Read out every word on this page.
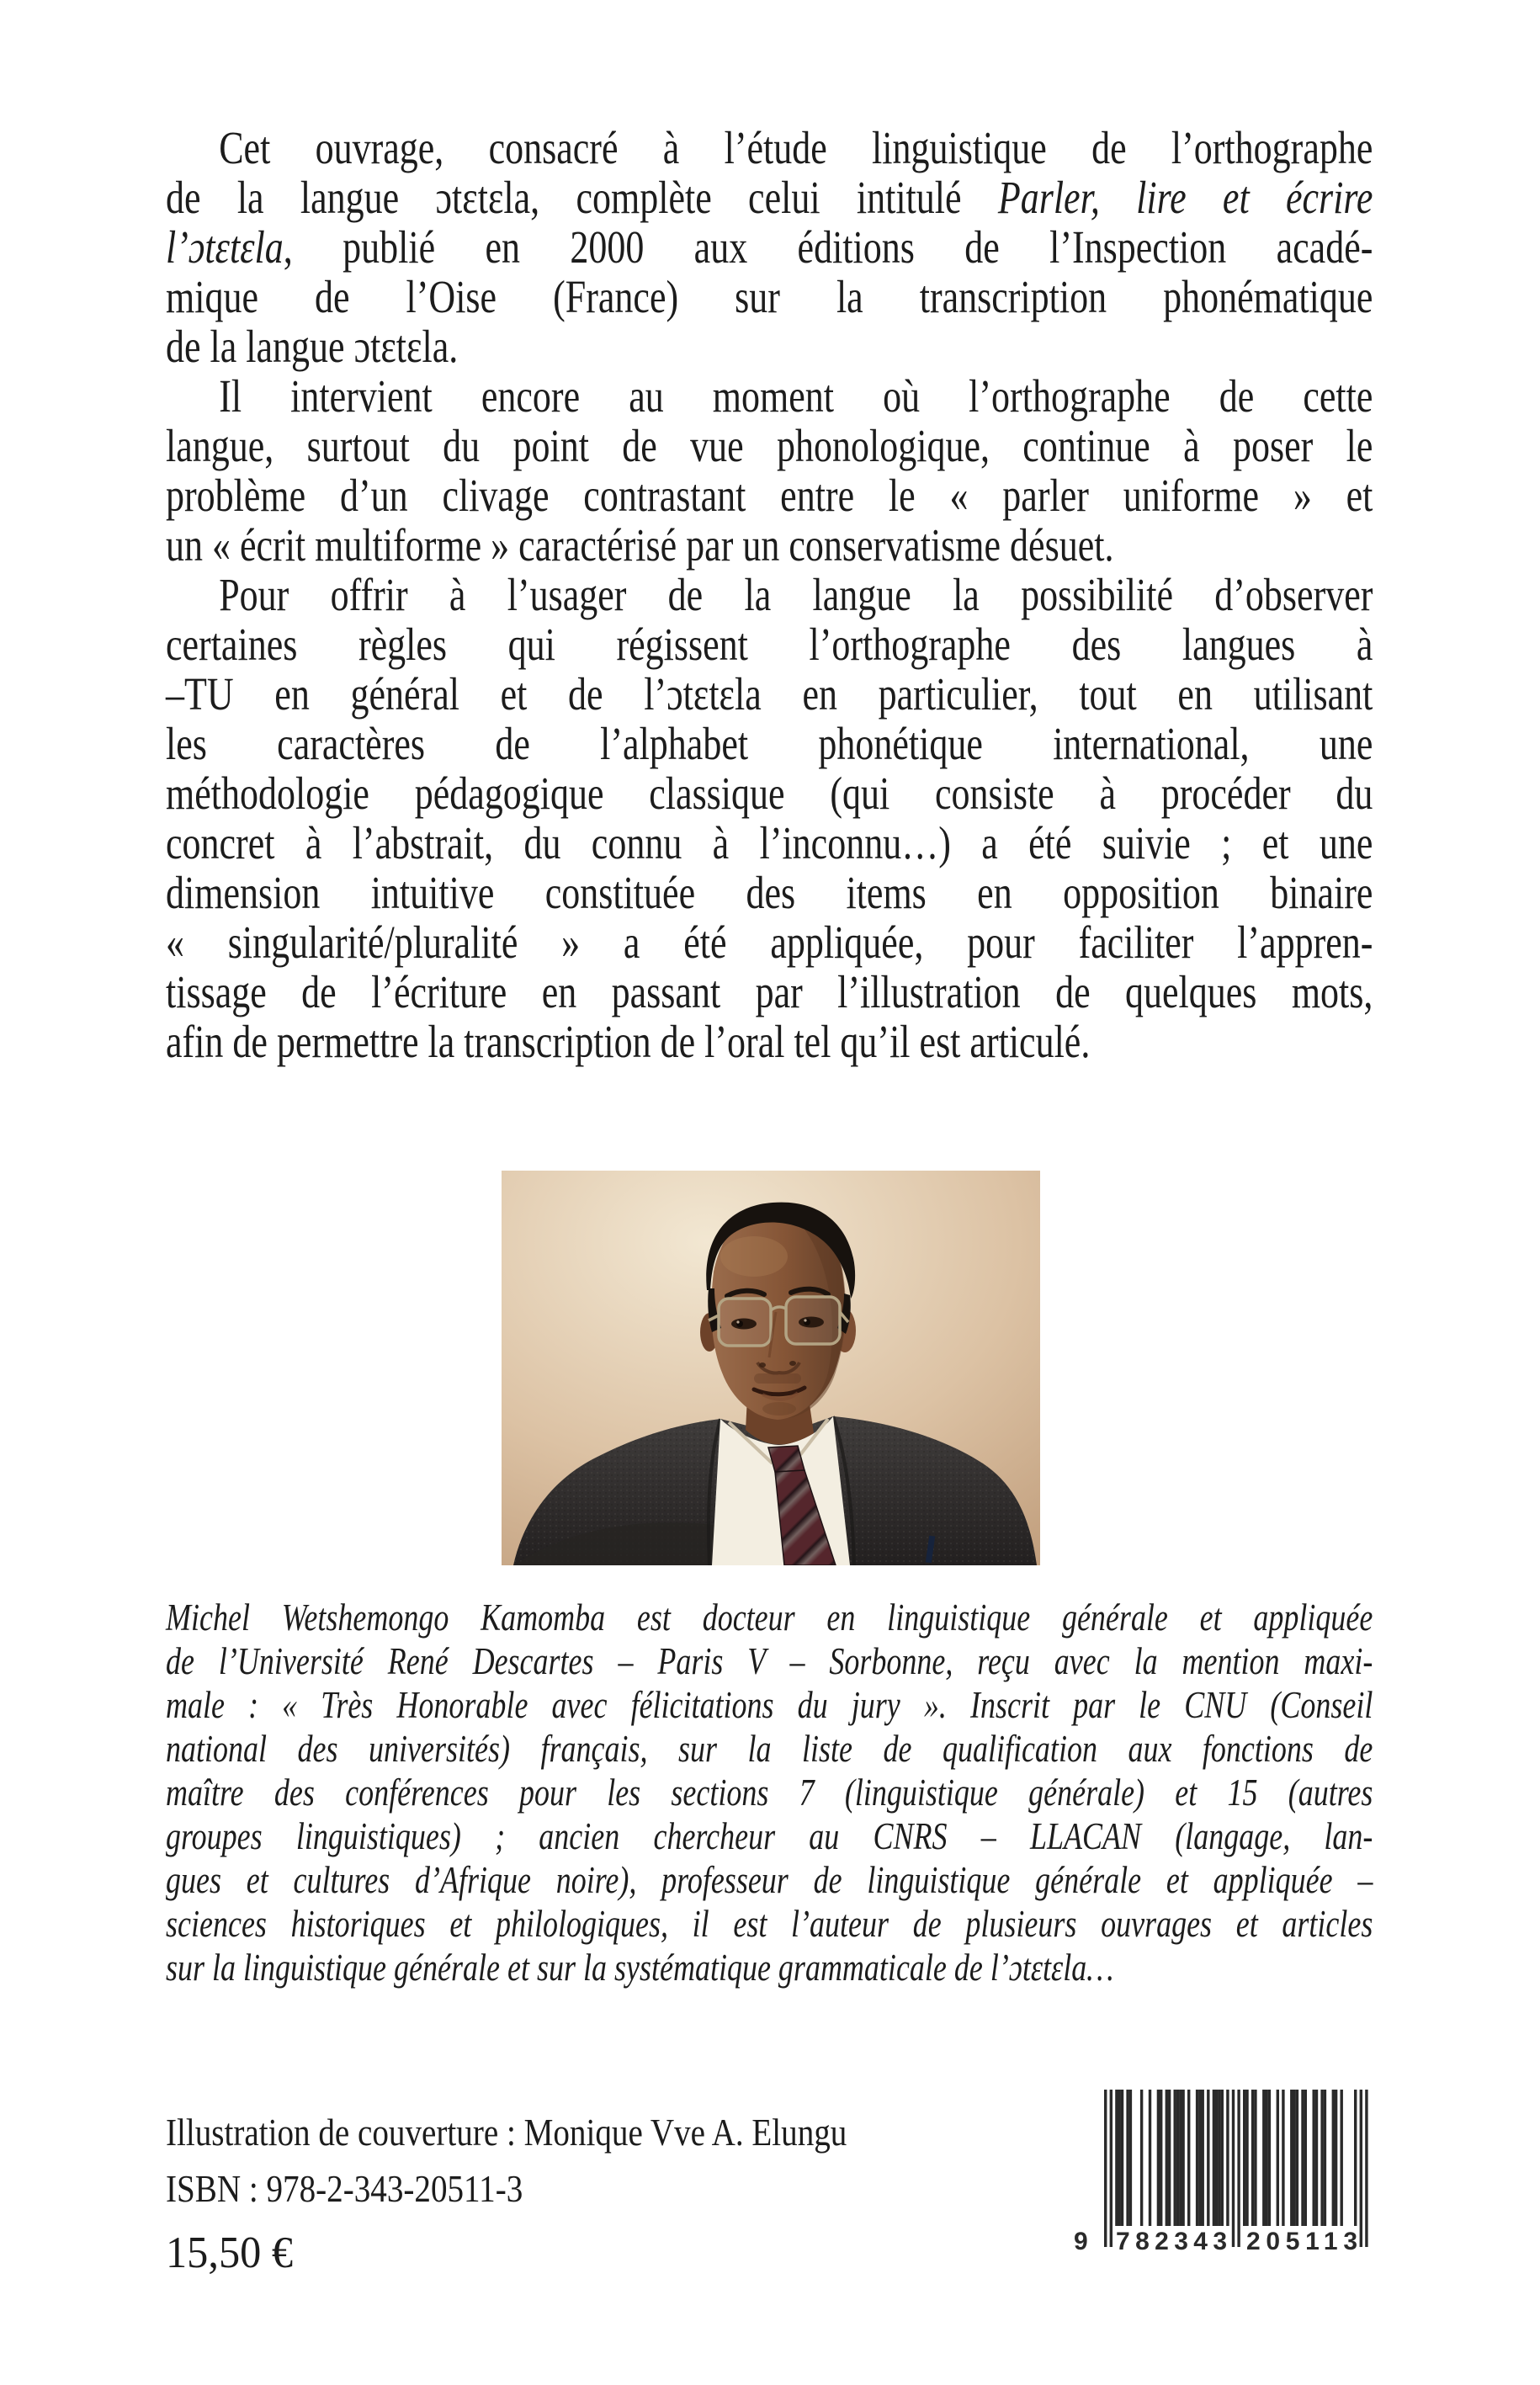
Cet ouvrage, consacré à l’étude linguistique de l’orthographe
de la langue ɔtɛtɛla, complète celui intitulé Parler, lire et écrire
l’ɔtɛtɛla, publié en 2000 aux éditions de l’Inspection acadé-
mique de l’Oise (France) sur la transcription phonématique
de la langue ɔtɛtɛla.
Il intervient encore au moment où l’orthographe de cette
langue, surtout du point de vue phonologique, continue à poser le
problème d’un clivage contrastant entre le « parler uniforme » et
un « écrit multiforme » caractérisé par un conservatisme désuet.
Pour offrir à l’usager de la langue la possibilité d’observer
certaines règles qui régissent l’orthographe des langues à
–TU en général et de l’ɔtɛtɛla en particulier, tout en utilisant
les caractères de l’alphabet phonétique international, une
méthodologie pédagogique classique (qui consiste à procéder du
concret à l’abstrait, du connu à l’inconnu…) a été suivie ; et une
dimension intuitive constituée des items en opposition binaire
« singularité/pluralité » a été appliquée, pour faciliter l’appren-
tissage de l’écriture en passant par l’illustration de quelques mots,
afin de permettre la transcription de l’oral tel qu’il est articulé.
Michel Wetshemongo Kamomba est docteur en linguistique générale et appliquée
de l’Université René Descartes – Paris V – Sorbonne, reçu avec la mention maxi-
male : « Très Honorable avec félicitations du jury ». Inscrit par le CNU (Conseil
national des universités) français, sur la liste de qualification aux fonctions de
maître des conférences pour les sections 7 (linguistique générale) et 15 (autres
groupes linguistiques) ; ancien chercheur au CNRS – LLACAN (langage, lan-
gues et cultures d’Afrique noire), professeur de linguistique générale et appliquée –
sciences historiques et philologiques, il est l’auteur de plusieurs ouvrages et articles
sur la linguistique générale et sur la systématique grammaticale de l’ɔtɛtɛla…
Illustration de couverture : Monique Vve A. Elungu
ISBN : 978-2-343-20511-3
15,50 €	9 782343 205113
